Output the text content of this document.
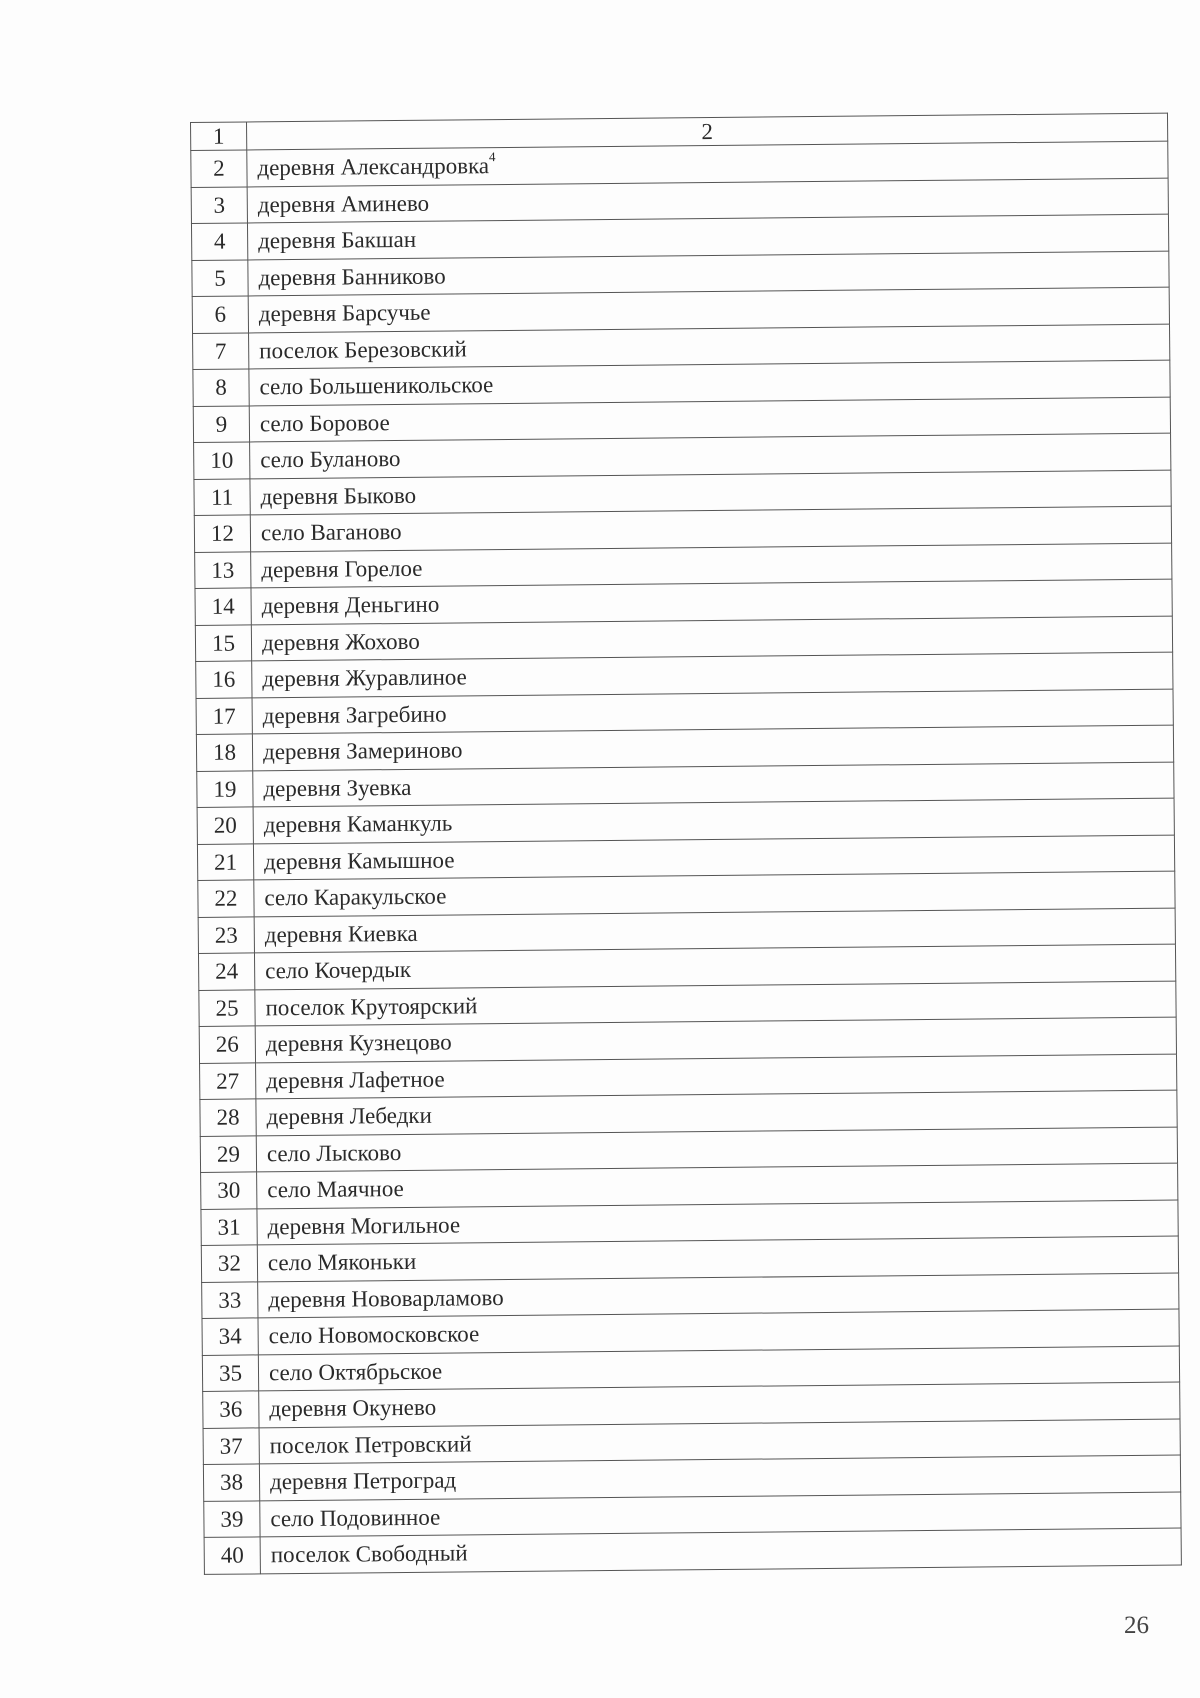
1	2
2	деревня Александровка$^4$
3	деревня Аминево
4	деревня Бакшан
5	деревня Банниково
6	деревня Барсучье
7	поселок Березовский
8	село Большеникольское
9	село Боровое
10	село Буланово
11	деревня Быково
12	село Ваганово
13	деревня Горелое
14	деревня Деньгино
15	деревня Жохово
16	деревня Журавлиное
17	деревня Загребино
18	деревня Замериново
19	деревня Зуевка
20	деревня Каманкуль
21	деревня Камышное
22	село Каракульское
23	деревня Киевка
24	село Кочердык
25	поселок Крутоярский
26	деревня Кузнецово
27	деревня Лафетное
28	деревня Лебедки
29	село Лысково
30	село Маячное
31	деревня Могильное
32	село Мяконьки
33	деревня Нововарламово
34	село Новомосковское
35	село Октябрьское
36	деревня Окунево
37	поселок Петровский
38	деревня Петроград
39	село Подовинное
40	поселок Свободный
26
